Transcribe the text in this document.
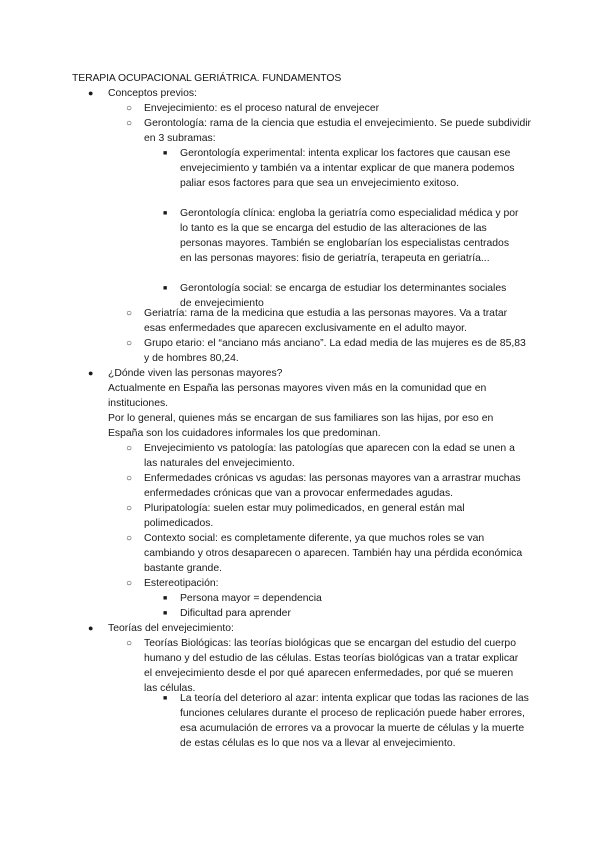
TERAPIA OCUPACIONAL GERIÁTRICA. FUNDAMENTOS
● Conceptos previos:
○ Envejecimiento: es el proceso natural de envejecer
○ Gerontología: rama de la ciencia que estudia el envejecimiento. Se puede subdividir en 3 subramas:
■ Gerontología experimental: intenta explicar los factores que causan ese envejecimiento y también va a intentar explicar de que manera podemos paliar esos factores para que sea un envejecimiento exitoso.
■ Gerontología clínica: engloba la geriatría como especialidad médica y por lo tanto es la que se encarga del estudio de las alteraciones de las personas mayores. También se englobarían los especialistas centrados en las personas mayores: fisio de geriatría, terapeuta en geriatría...
■ Gerontología social: se encarga de estudiar los determinantes sociales de envejecimiento
○ Geriatría: rama de la medicina que estudia a las personas mayores. Va a tratar esas enfermedades que aparecen exclusivamente en el adulto mayor.
○ Grupo etario: el “anciano más anciano”. La edad media de las mujeres es de 85,83 y de hombres 80,24.
● ¿Dónde viven las personas mayores?
Actualmente en España las personas mayores viven más en la comunidad que en instituciones.
Por lo general, quienes más se encargan de sus familiares son las hijas, por eso en España son los cuidadores informales los que predominan.
○ Envejecimiento vs patología: las patologías que aparecen con la edad se unen a las naturales del envejecimiento.
○ Enfermedades crónicas vs agudas: las personas mayores van a arrastrar muchas enfermedades crónicas que van a provocar enfermedades agudas.
○ Pluripatología: suelen estar muy polimedicados, en general están mal polimedicados.
○ Contexto social: es completamente diferente, ya que muchos roles se van cambiando y otros desaparecen o aparecen. También hay una pérdida económica bastante grande.
○ Estereotipación:
■ Persona mayor = dependencia
■ Dificultad para aprender
● Teorías del envejecimiento:
○ Teorías Biológicas: las teorías biológicas que se encargan del estudio del cuerpo humano y del estudio de las células. Estas teorías biológicas van a tratar explicar el envejecimiento desde el por qué aparecen enfermedades, por qué se mueren las células.
■ La teoría del deterioro al azar: intenta explicar que todas las raciones de las funciones celulares durante el proceso de replicación puede haber errores, esa acumulación de errores va a provocar la muerte de células y la muerte de estas células es lo que nos va a llevar al envejecimiento.
